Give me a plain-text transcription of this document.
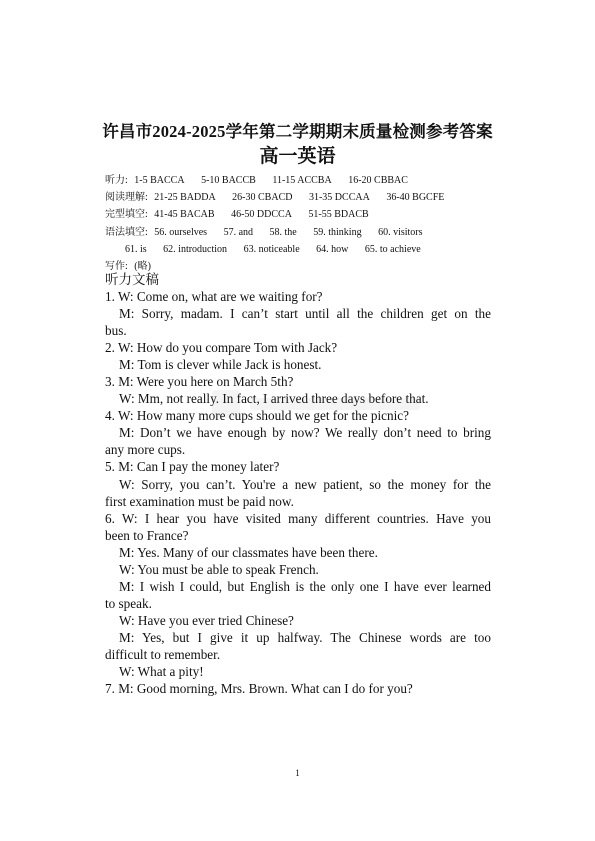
许昌市2024-2025学年第二学期期末质量检测参考答案
高一英语
听力: 1-5 BACCA 5-10 BACCB 11-15 ACCBA 16-20 CBBAC
阅读理解: 21-25 BADDA 26-30 CBACD 31-35 DCCAA 36-40 BGCFE
完型填空: 41-45 BACAB 46-50 DDCCA 51-55 BDACB
语法填空: 56. ourselves 57. and 58. the 59. thinking 60. visitors
61. is 62. introduction 63. noticeable 64. how 65. to achieve
写作: (略)
听力文稿
1. W: Come on, what are we waiting for?
M: Sorry, madam. I can’t start until all the children get on the
bus.
2. W: How do you compare Tom with Jack?
M: Tom is clever while Jack is honest.
3. M: Were you here on March 5th?
W: Mm, not really. In fact, I arrived three days before that.
4. W: How many more cups should we get for the picnic?
M: Don’t we have enough by now? We really don’t need to bring
any more cups.
5. M: Can I pay the money later?
W: Sorry, you can’t. You're a new patient, so the money for the
first examination must be paid now.
6. W: I hear you have visited many different countries. Have you
been to France?
M: Yes. Many of our classmates have been there.
W: You must be able to speak French.
M: I wish I could, but English is the only one I have ever learned
to speak.
W: Have you ever tried Chinese?
M: Yes, but I give it up halfway. The Chinese words are too
difficult to remember.
W: What a pity!
7. M: Good morning, Mrs. Brown. What can I do for you?
1
